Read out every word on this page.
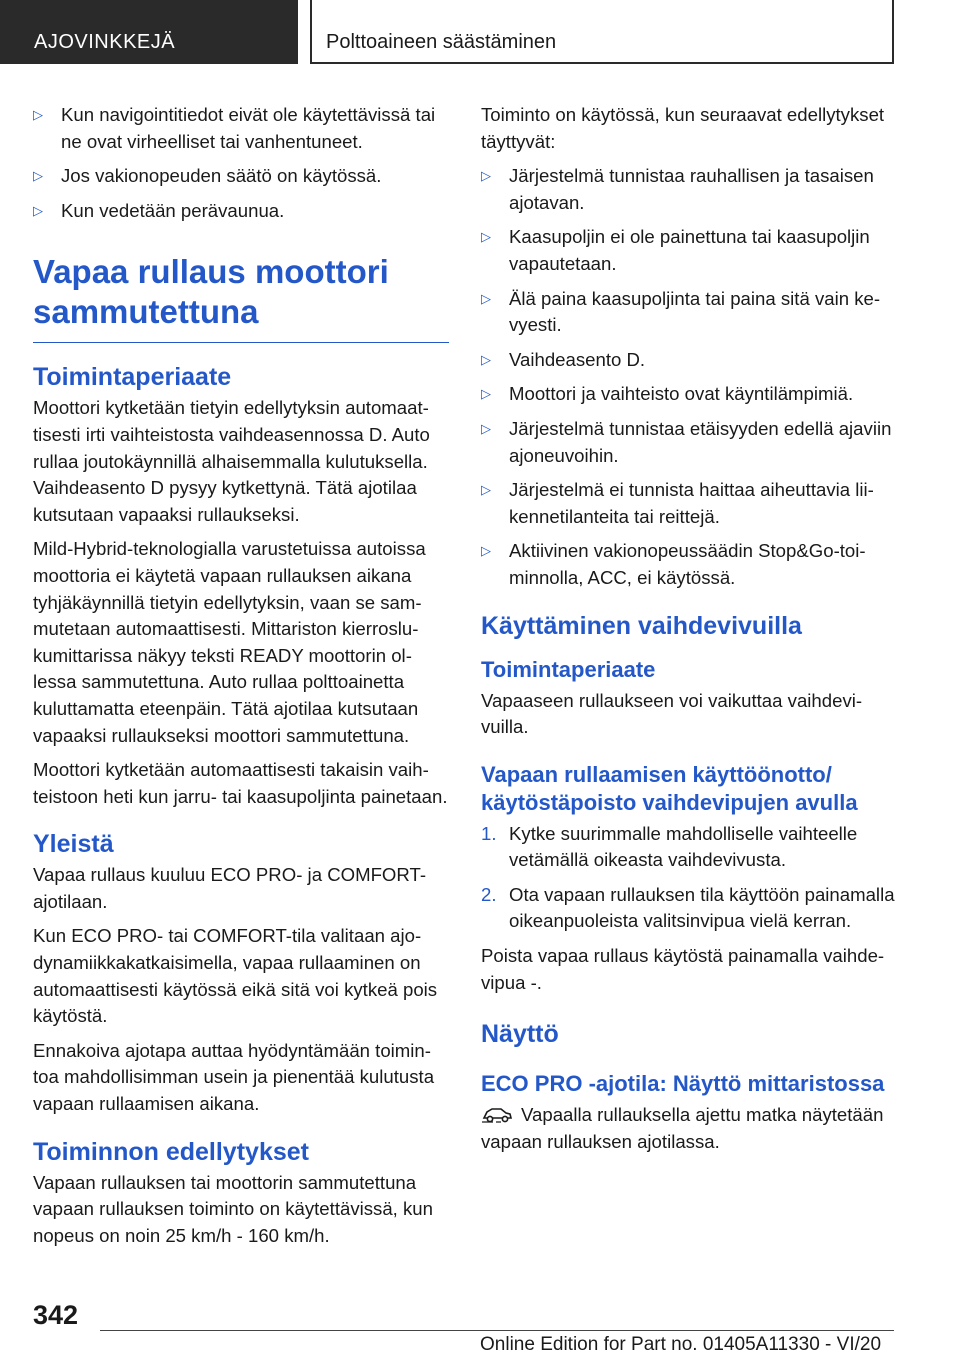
AJOVINKKEJÄ	Polttoaineen säästäminen
▷ Kun navigointitiedot eivät ole käytettävissä tai ne ovat virheelliset tai vanhentuneet.
▷ Jos vakionopeuden säätö on käytössä.
▷ Kun vedetään perävaunua.
Vapaa rullaus moottori sammutettuna
Toimintaperiaate

Moottori kytketään tietyin edellytyksin automaattisesti irti vaihteistosta vaihdeasennossa D. Auto rullaa joutokäynnillä alhaisemmalla kulutuksella. Vaihdeasento D pysyy kytkettynä. Tätä ajotilaa kutsutaan vapaaksi rullaukseksi.

Mild-Hybrid-teknologialla varustetuissa autoissa moottoria ei käytetä vapaan rullauksen aikana tyhjäkäynnillä tietyin edellytyksin, vaan se sammutetaan automaattisesti. Mittariston kierroslukumittarissa näkyy teksti READY moottorin ollessa sammutettuna. Auto rullaa polttoainetta kuluttamatta eteenpäin. Tätä ajotilaa kutsutaan vapaaksi rullaukseksi moottori sammutettuna.

Moottori kytketään automaattisesti takaisin vaihteistoon heti kun jarru- tai kaasupoljinta painetaan.

Yleistä

Vapaa rullaus kuuluu ECO PRO- ja COMFORT-ajotilaan.

Kun ECO PRO- tai COMFORT-tila valitaan ajodynamiikkakatkaisimella, vapaa rullaaminen on automaattisesti käytössä eikä sitä voi kytkeä pois käytöstä.

Ennakoiva ajotapa auttaa hyödyntämään toimintoa mahdollisimman usein ja pienentää kulutusta vapaan rullaamisen aikana.

Toiminnon edellytykset

Vapaan rullauksen tai moottorin sammutettuna vapaan rullauksen toiminto on käytettävissä, kun nopeus on noin 25 km/h - 160 km/h.

Toiminto on käytössä, kun seuraavat edellytykset täyttyvät:

▷ Järjestelmä tunnistaa rauhallisen ja tasaisen ajotavan.
▷ Kaasupoljin ei ole painettuna tai kaasupoljin vapautetaan.
▷ Älä paina kaasupoljinta tai paina sitä vain kevyesti.
▷ Vaihdeasento D.
▷ Moottori ja vaihteisto ovat käyntilämpimiä.
▷ Järjestelmä tunnistaa etäisyyden edellä ajaviin ajoneuvoihin.
▷ Järjestelmä ei tunnista haittaa aiheuttavia liikennetilanteita tai reittejä.
▷ Aktiivinen vakionopeussäädin Stop&Go-toiminnolla, ACC, ei käytössä.
Käyttäminen vaihdevivuilla
Toimintaperiaate

Vapaaseen rullaukseen voi vaikuttaa vaihdevivuilla.

Vapaan rullaamisen käyttöönotto/ käytöstäpoisto vaihdevipujen avulla
1. Kytke suurimmalle mahdolliselle vaihteelle vetämällä oikeasta vaihdevivusta.
2. Ota vapaan rullauksen tila käyttöön painamalla oikeanpuoleista valitsinvipua vielä kerran.

Poista vapaa rullaus käytöstä painamalla vaihdevipua -.

Näyttö
ECO PRO -ajotila: Näyttö mittaristossa

Vapaalla rullauksella ajettu matka näytetään vapaan rullauksen ajotilassa.

342
Online Edition for Part no. 01405A11330 - VI/20
